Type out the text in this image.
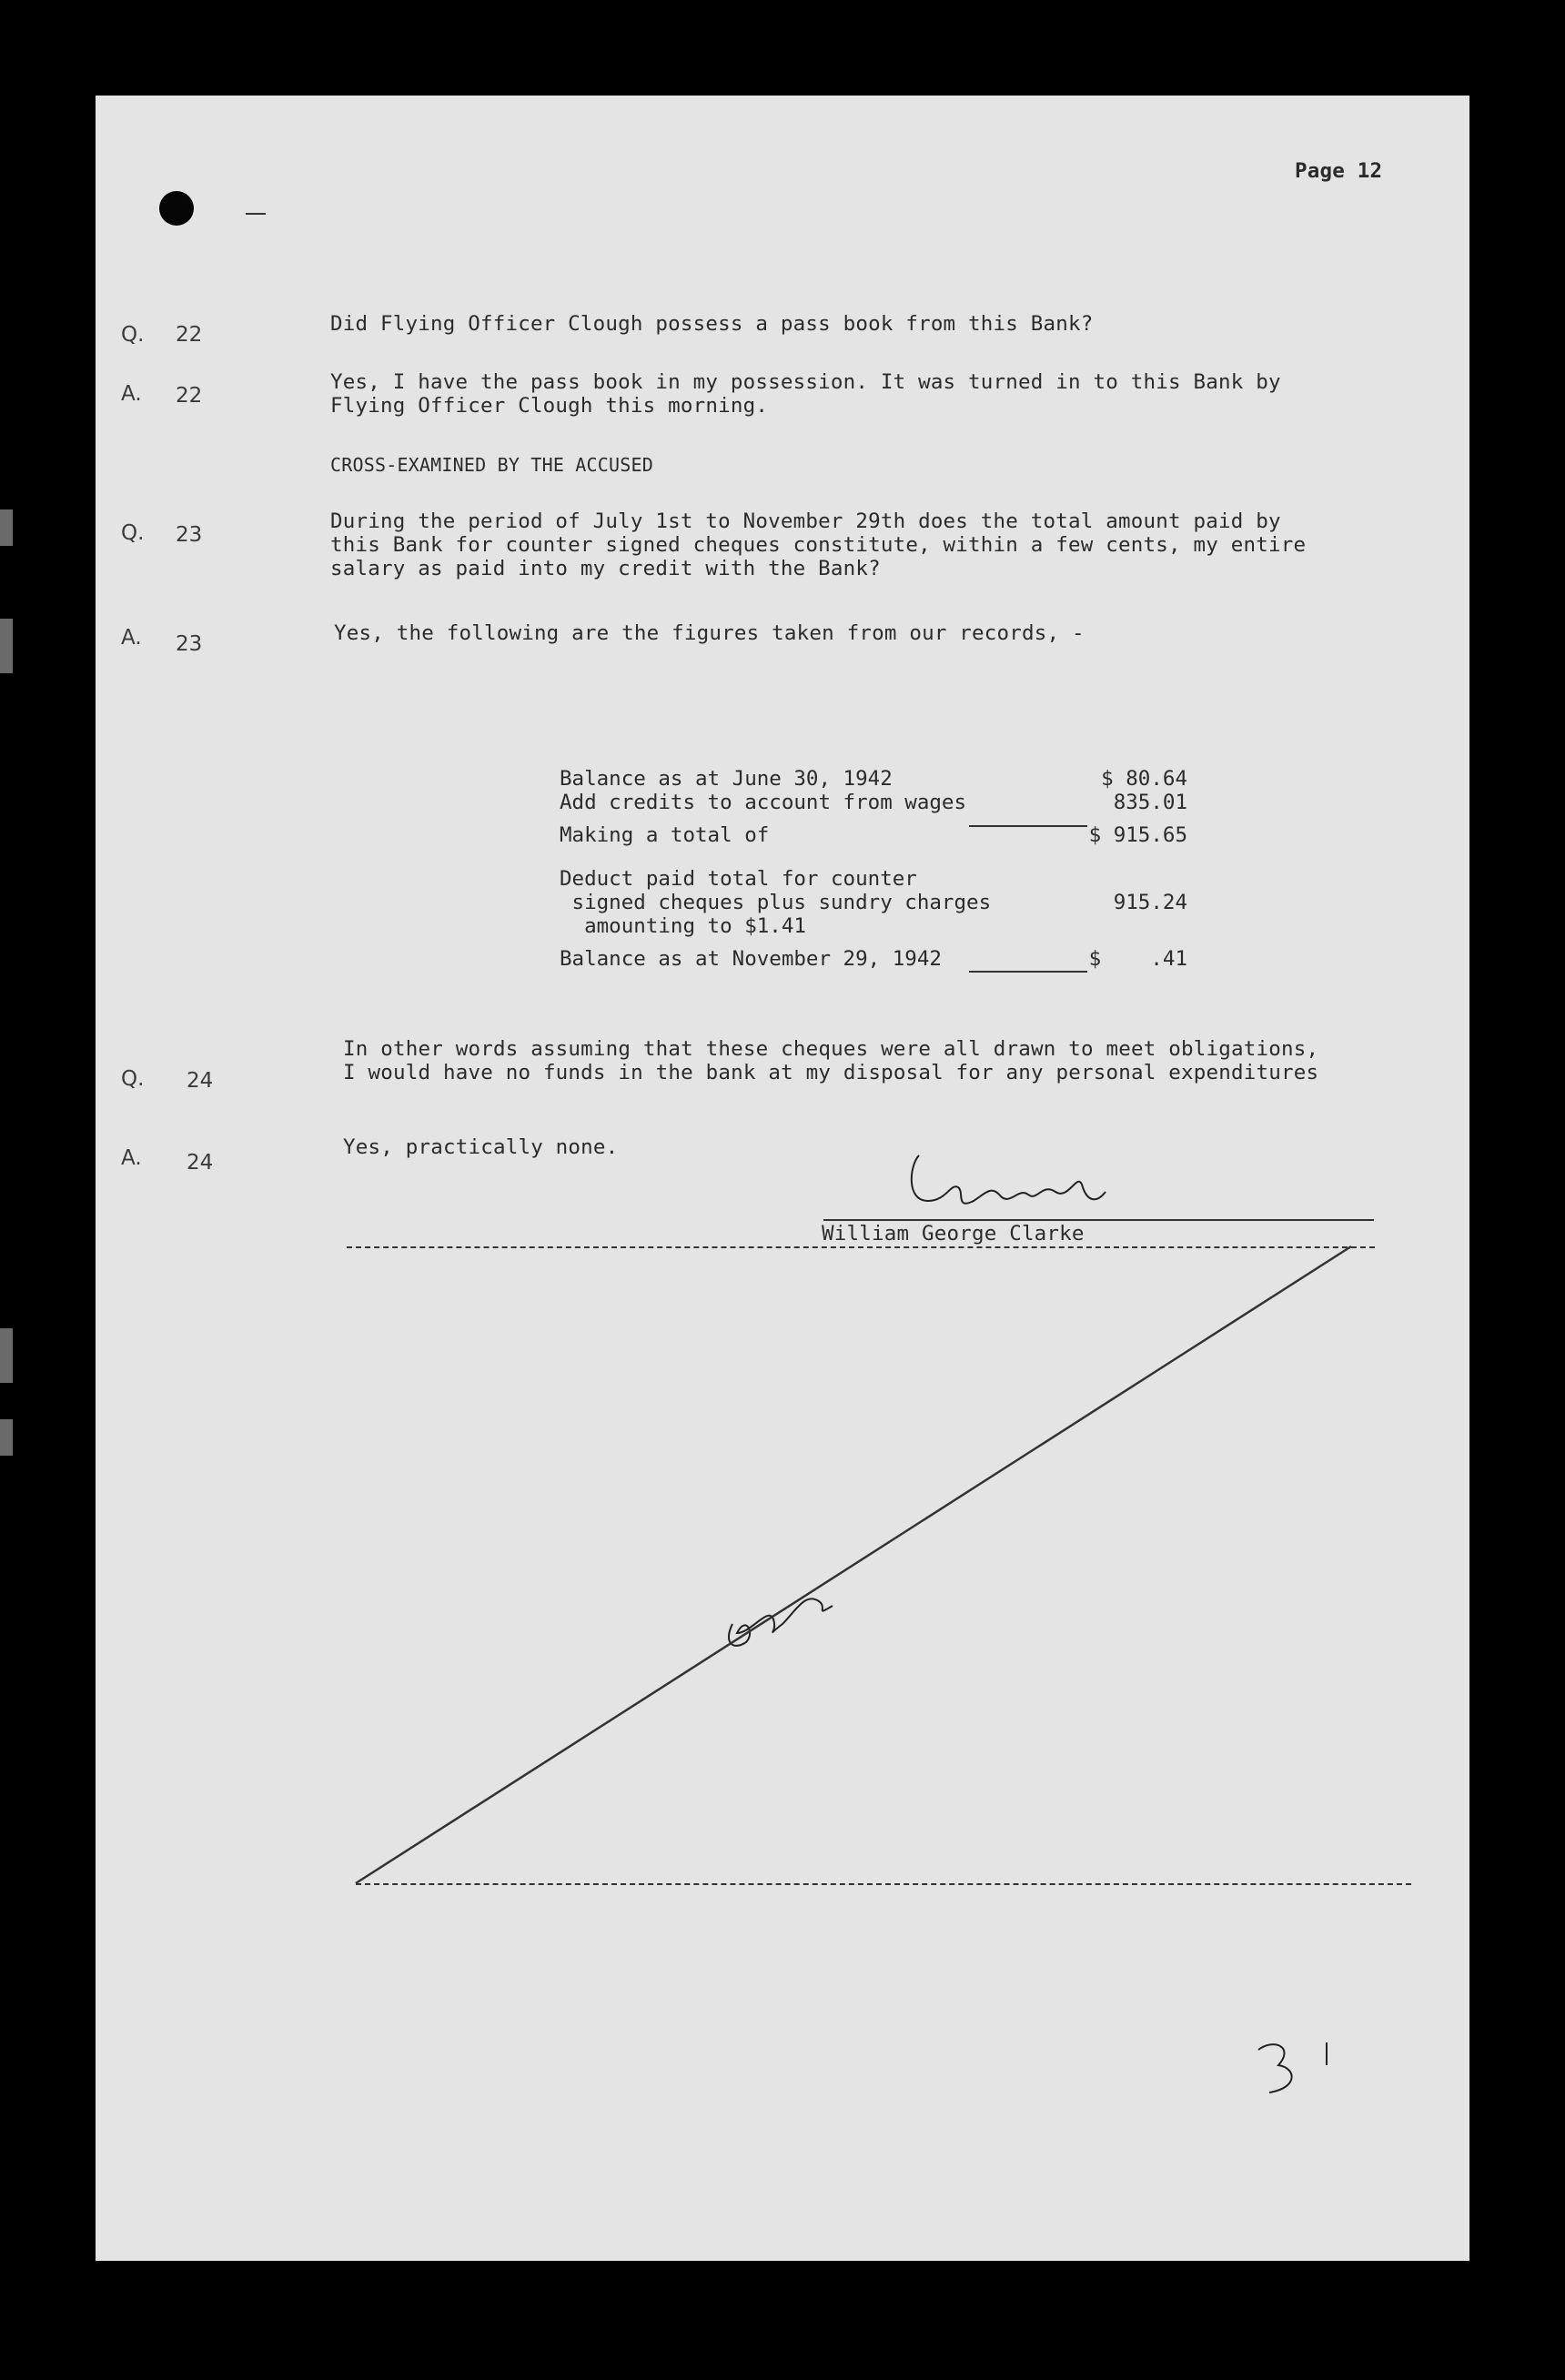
Page 12
Q. 22	Did Flying Officer Clough possess a pass book from this Bank?
A. 22
Yes, I have the pass book in my possession. It was turned in to this Bank by
Flying Officer Clough this morning.
CROSS-EXAMINED BY THE ACCUSED
Q. 23
During the period of July 1st to November 29th does the total amount paid by
this Bank for counter signed cheques constitute, within a few cents, my entire
salary as paid into my credit with the Bank?
A. 23	Yes, the following are the figures taken from our records, -
Balance as at June 30, 1942	$ 80.64
Add credits to account from wages	835.01
Making a total of	$ 915.65
Deduct paid total for counter
signed cheques plus sundry charges	915.24
amounting to $1.41
Balance as at November 29, 1942	$    .41
Q. 24
In other words assuming that these cheques were all drawn to meet obligations,
I would have no funds in the bank at my disposal for any personal expenditures
A. 24
Yes, practically none.
William George Clarke
